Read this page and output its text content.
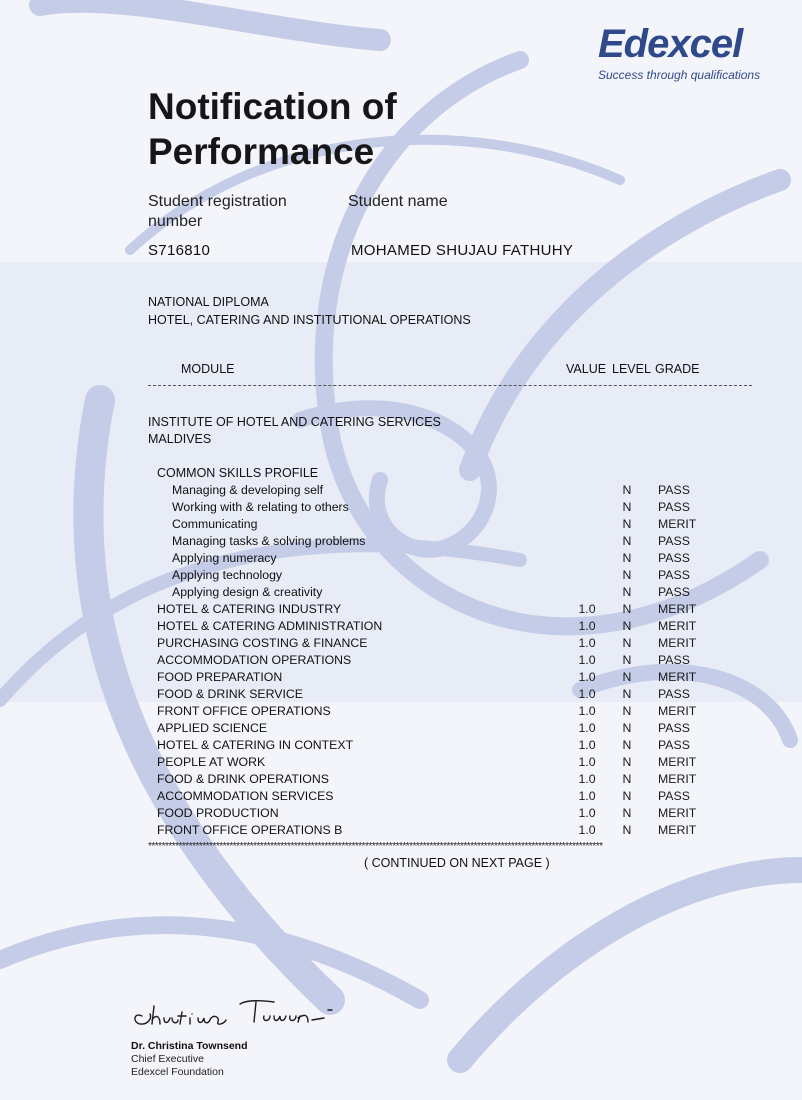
Edexcel
Success through qualifications
Notification of Performance
Student registration number
Student name
S716810	MOHAMED SHUJAU FATHUHY
NATIONAL DIPLOMA
HOTEL, CATERING AND INSTITUTIONAL OPERATIONS
MODULE	VALUE LEVEL GRADE
INSTITUTE OF HOTEL AND CATERING SERVICES
MALDIVES
COMMON SKILLS PROFILE
Managing & developing self	N	PASS
Working with & relating to others	N	PASS
Communicating	N	MERIT
Managing tasks & solving problems	N	PASS
Applying numeracy	N	PASS
Applying technology	N	PASS
Applying design & creativity	N	PASS
HOTEL & CATERING INDUSTRY	1.0	N	MERIT
HOTEL & CATERING ADMINISTRATION	1.0	N	MERIT
PURCHASING COSTING & FINANCE	1.0	N	MERIT
ACCOMMODATION OPERATIONS	1.0	N	PASS
FOOD PREPARATION	1.0	N	MERIT
FOOD & DRINK SERVICE	1.0	N	PASS
FRONT OFFICE OPERATIONS	1.0	N	MERIT
APPLIED SCIENCE	1.0	N	PASS
HOTEL & CATERING IN CONTEXT	1.0	N	PASS
PEOPLE AT WORK	1.0	N	MERIT
FOOD & DRINK OPERATIONS	1.0	N	MERIT
ACCOMMODATION SERVICES	1.0	N	PASS
FOOD PRODUCTION	1.0	N	MERIT
FRONT OFFICE OPERATIONS B	1.0	N	MERIT
**************************************************************************************************************************************
( CONTINUED ON NEXT PAGE )
Dr. Christina Townsend
Chief Executive
Edexcel Foundation
